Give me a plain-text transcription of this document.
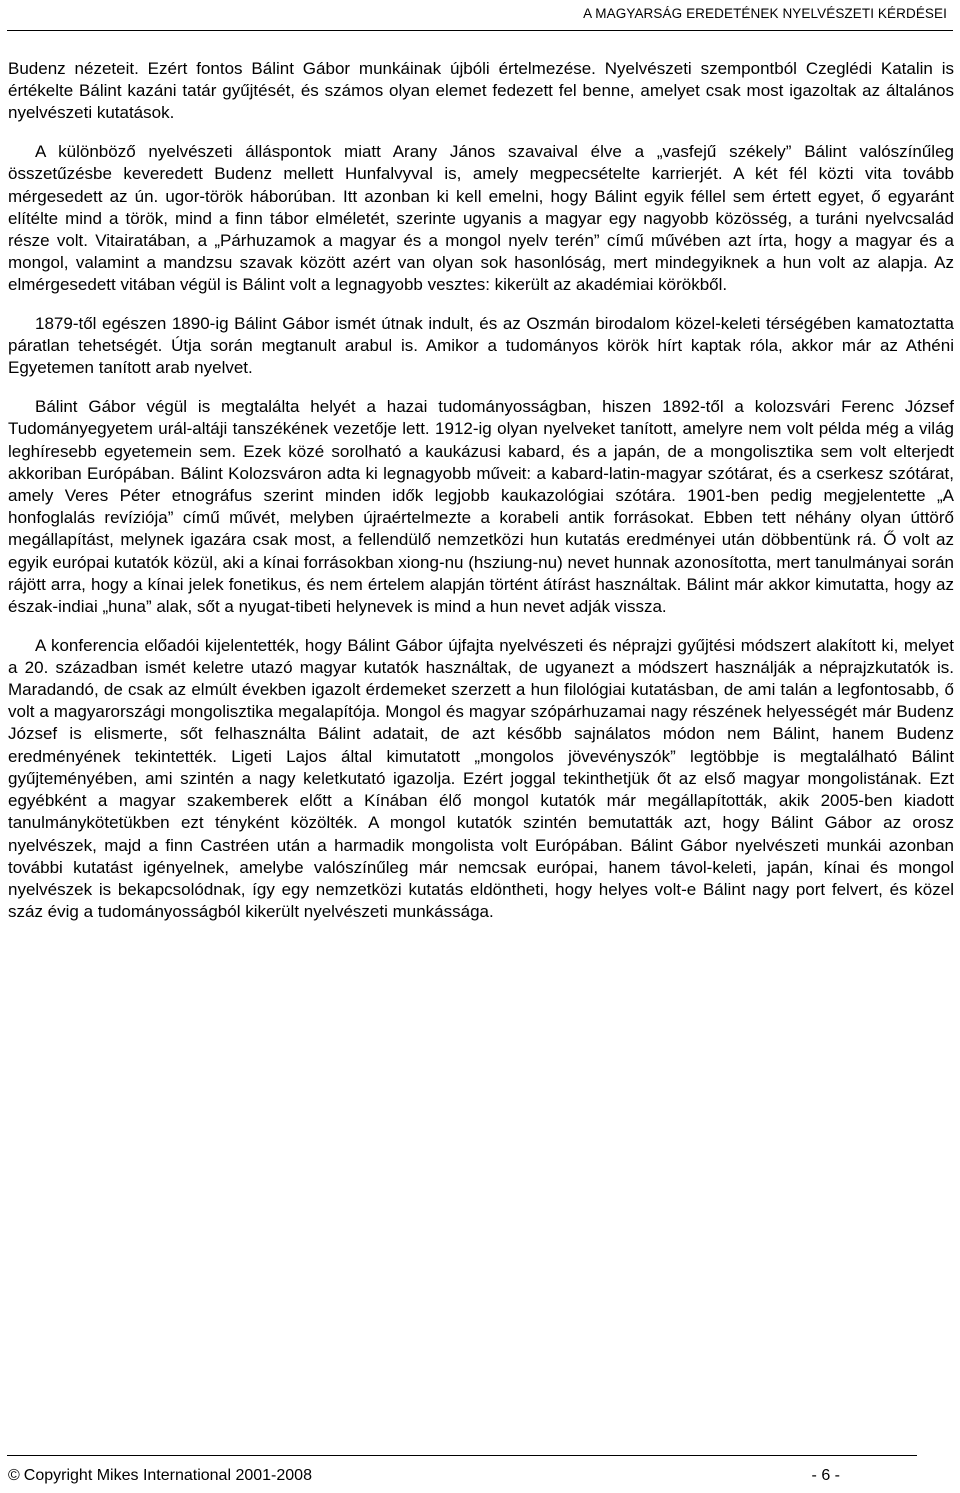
A MAGYARSÁG EREDETÉNEK NYELVÉSZETI KÉRDÉSEI

Budenz nézeteit. Ezért fontos Bálint Gábor munkáinak újbóli értelmezése. Nyelvészeti szempontból Czeglédi Katalin is értékelte Bálint kazáni tatár gyűjtését, és számos olyan elemet fedezett fel benne, amelyet csak most igazoltak az általános nyelvészeti kutatások.

A különböző nyelvészeti álláspontok miatt Arany János szavaival élve a „vasfejű székely” Bálint valószínűleg összetűzésbe keveredett Budenz mellett Hunfalvyval is, amely megpecsételte karrierjét. A két fél közti vita tovább mérgesedett az ún. ugor-török háborúban. Itt azonban ki kell emelni, hogy Bálint egyik féllel sem értett egyet, ő egyaránt elítélte mind a török, mind a finn tábor elméletét, szerinte ugyanis a magyar egy nagyobb közösség, a turáni nyelvcsalád része volt. Vitairatában, a „Párhuzamok a magyar és a mongol nyelv terén” című művében azt írta, hogy a magyar és a mongol, valamint a mandzsu szavak között azért van olyan sok hasonlóság, mert mindegyiknek a hun volt az alapja. Az elmérgesedett vitában végül is Bálint volt a legnagyobb vesztes: kikerült az akadémiai körökből.

1879-től egészen 1890-ig Bálint Gábor ismét útnak indult, és az Oszmán birodalom közel-keleti térségében kamatoztatta páratlan tehetségét. Útja során megtanult arabul is. Amikor a tudományos körök hírt kaptak róla, akkor már az Athéni Egyetemen tanított arab nyelvet.

Bálint Gábor végül is megtalálta helyét a hazai tudományosságban, hiszen 1892-től a kolozsvári Ferenc József Tudományegyetem urál-altáji tanszékének vezetője lett. 1912-ig olyan nyelveket tanított, amelyre nem volt példa még a világ leghíresebb egyetemein sem. Ezek közé sorolható a kaukázusi kabard, és a japán, de a mongolisztika sem volt elterjedt akkoriban Európában. Bálint Kolozsváron adta ki legnagyobb műveit: a kabard-latin-magyar szótárat, és a cserkesz szótárat, amely Veres Péter etnográfus szerint minden idők legjobb kaukazológiai szótára. 1901-ben pedig megjelentette „A honfoglalás revíziója” című művét, melyben újraértelmezte a korabeli antik forrásokat. Ebben tett néhány olyan úttörő megállapítást, melynek igazára csak most, a fellendülő nemzetközi hun kutatás eredményei után döbbentünk rá. Ő volt az egyik európai kutatók közül, aki a kínai forrásokban xiong-nu (hsziung-nu) nevet hunnak azonosította, mert tanulmányai során rájött arra, hogy a kínai jelek fonetikus, és nem értelem alapján történt átírást használtak. Bálint már akkor kimutatta, hogy az észak-indiai „huna” alak, sőt a nyugat-tibeti helynevek is mind a hun nevet adják vissza.

A konferencia előadói kijelentették, hogy Bálint Gábor újfajta nyelvészeti és néprajzi gyűjtési módszert alakított ki, melyet a 20. században ismét keletre utazó magyar kutatók használtak, de ugyanezt a módszert használják a néprajzkutatók is. Maradandó, de csak az elmúlt években igazolt érdemeket szerzett a hun filológiai kutatásban, de ami talán a legfontosabb, ő volt a magyarországi mongolisztika megalapítója. Mongol és magyar szópárhuzamai nagy részének helyességét már Budenz József is elismerte, sőt felhasználta Bálint adatait, de azt később sajnálatos módon nem Bálint, hanem Budenz eredményének tekintették. Ligeti Lajos által kimutatott „mongolos jövevényszók” legtöbbje is megtalálható Bálint gyűjteményében, ami szintén a nagy keletkutató igazolja. Ezért joggal tekinthetjük őt az első magyar mongolistának. Ezt egyébként a magyar szakemberek előtt a Kínában élő mongol kutatók már megállapították, akik 2005-ben kiadott tanulmánykötetükben ezt tényként közölték. A mongol kutatók szintén bemutatták azt, hogy Bálint Gábor az orosz nyelvészek, majd a finn Castréen után a harmadik mongolista volt Európában. Bálint Gábor nyelvészeti munkái azonban további kutatást igényelnek, amelybe valószínűleg már nemcsak európai, hanem távol-keleti, japán, kínai és mongol nyelvészek is bekapcsolódnak, így egy nemzetközi kutatás eldöntheti, hogy helyes volt-e Bálint nagy port felvert, és közel száz évig a tudományosságból kikerült nyelvészeti munkássága.

© Copyright Mikes International 2001-2008	- 6 -
